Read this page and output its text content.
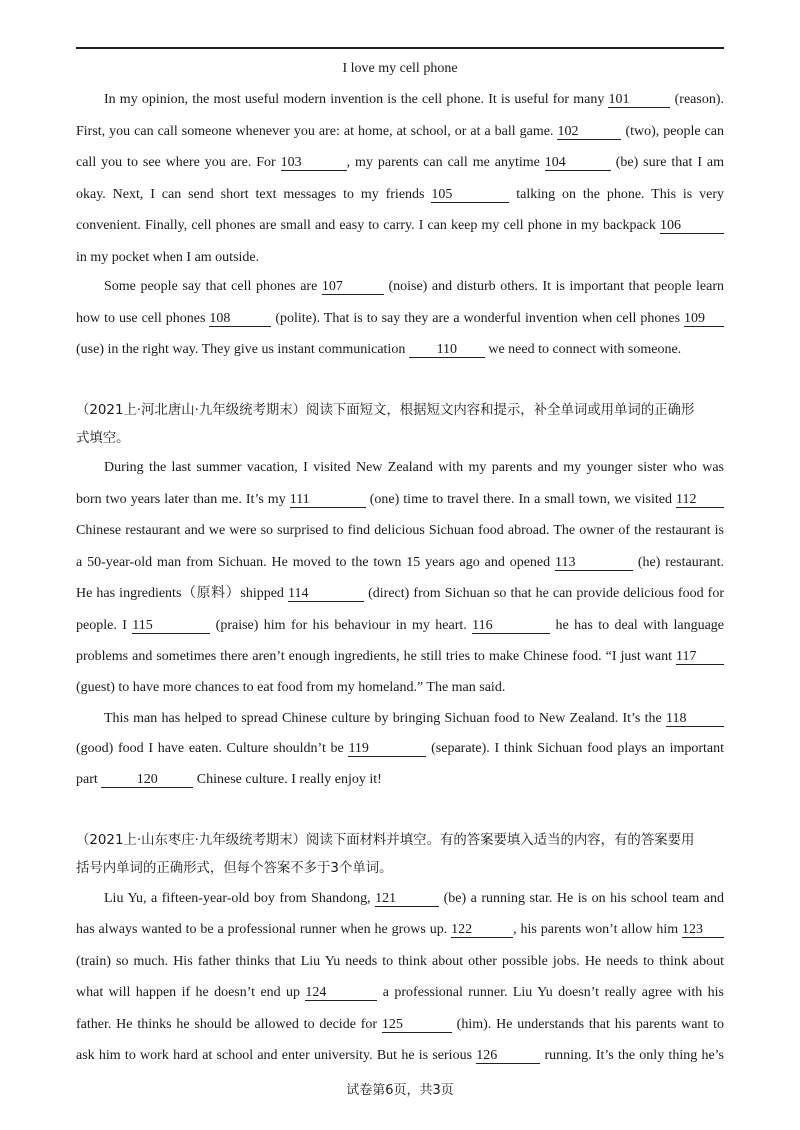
I love my cell phone
In my opinion, the most useful modern invention is the cell phone. It is useful for many 101	(reason).
First, you can call someone whenever you are: at home, at school, or at a ball game. 102	(two), people can
call you to see where you are. For 103	, my parents can call me anytime 104	(be) sure that I am
okay. Next, I can send short text messages to my friends 105	talking on the phone. This is very
convenient. Finally, cell phones are small and easy to carry. I can keep my cell phone in my backpack 106
in my pocket when I am outside.
Some people say that cell phones are 107	(noise) and disturb others. It is important that people learn
how to use cell phones 108	(polite). That is to say they are a wonderful invention when cell phones 109
(use) in the right way. They give us instant communication 110 we need to connect with someone.
（2021上·河北唐山·九年级统考期末）阅读下面短文，根据短文内容和提示，补全单词或用单词的正确形
式填空。
During the last summer vacation, I visited New Zealand with my parents and my younger sister who was
born two years later than me. It’s my 111	(one) time to travel there. In a small town, we visited 112
Chinese restaurant and we were so surprised to find delicious Sichuan food abroad. The owner of the restaurant is
a 50-year-old man from Sichuan. He moved to the town 15 years ago and opened 113	(he) restaurant.
He has ingredients（原料）shipped 114	(direct) from Sichuan so that he can provide delicious food for
people. I 115	(praise) him for his behaviour in my heart. 116	he has to deal with language
problems and sometimes there aren’t enough ingredients, he still tries to make Chinese food. “I just want 117
(guest) to have more chances to eat food from my homeland.” The man said.
This man has helped to spread Chinese culture by bringing Sichuan food to New Zealand. It’s the 118
(good) food I have eaten. Culture shouldn’t be 119	(separate). I think Sichuan food plays an important
part	120	Chinese culture. I really enjoy it!
（2021上·山东枣庄·九年级统考期末）阅读下面材料并填空。有的答案要填入适当的内容，有的答案要用
括号内单词的正确形式，但每个答案不多于3个单词。
Liu Yu, a fifteen-year-old boy from Shandong, 121	(be) a running star. He is on his school team and
has always wanted to be a professional runner when he grows up. 122	, his parents won’t allow him 123
(train) so much. His father thinks that Liu Yu needs to think about other possible jobs. He needs to think about
what will happen if he doesn’t end up 124	a professional runner. Liu Yu doesn’t really agree with his
father. He thinks he should be allowed to decide for 125	(him). He understands that his parents want to
ask him to work hard at school and enter university. But he is serious 126	running. It’s the only thing he’s
试卷第6页，共3页
